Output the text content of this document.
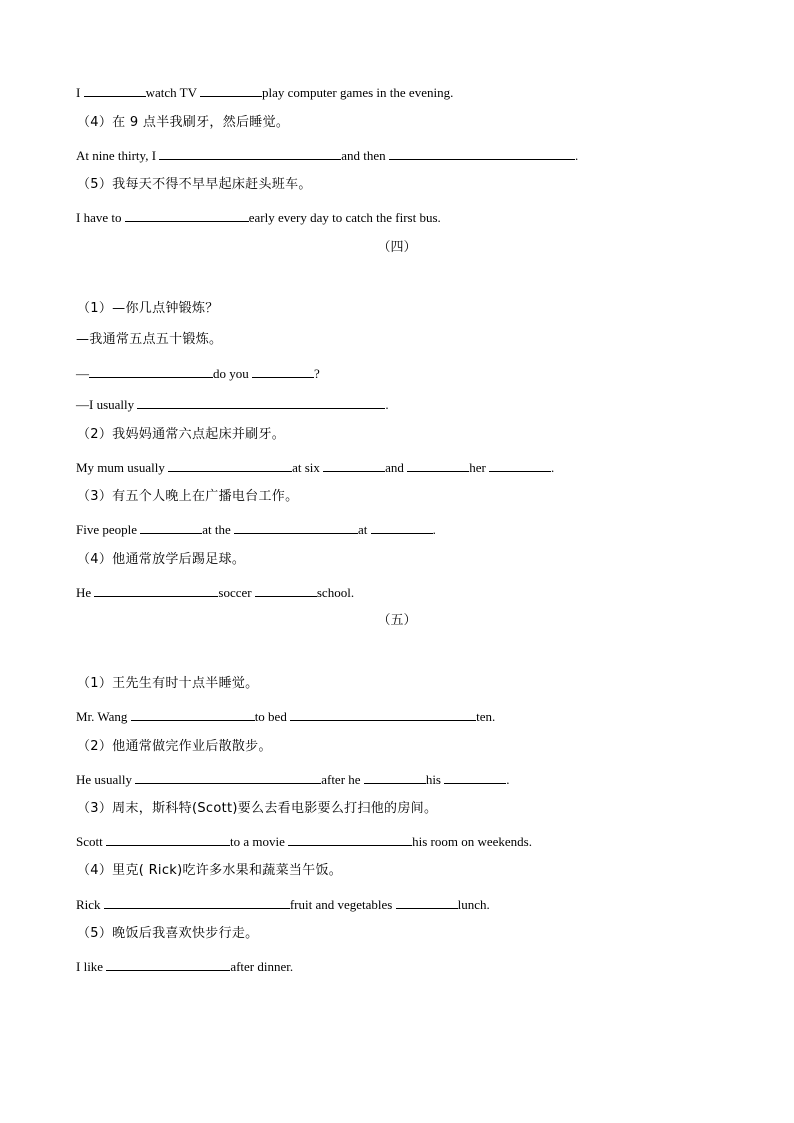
I	watch TV	play computer games in the evening.
（4）在 9 点半我刷牙，然后睡觉。
At nine thirty, I	and then	.
（5）我每天不得不早早起床赶头班车。
I have to	early every day to catch the first bus.
（四）
（1）—你几点钟锻炼？
—我通常五点五十锻炼。
—	do you	?
—I usually	.
（2）我妈妈通常六点起床并刷牙。
My mum usually	at six	and	her	.
（3）有五个人晚上在广播电台工作。
Five people	at the	at	.
（4）他通常放学后踢足球。
He	soccer	school.
（五）
（1）王先生有时十点半睡觉。
Mr. Wang	to bed	ten.
（2）他通常做完作业后散散步。
He usually	after he	his	.
（3）周末，斯科特(Scott)要么去看电影要么打扫他的房间。
Scott	to a movie	his room on weekends.
（4）里克( Rick)吃许多水果和蔬菜当午饭。
Rick	fruit and vegetables	lunch.
（5）晚饭后我喜欢快步行走。
I like	after dinner.
